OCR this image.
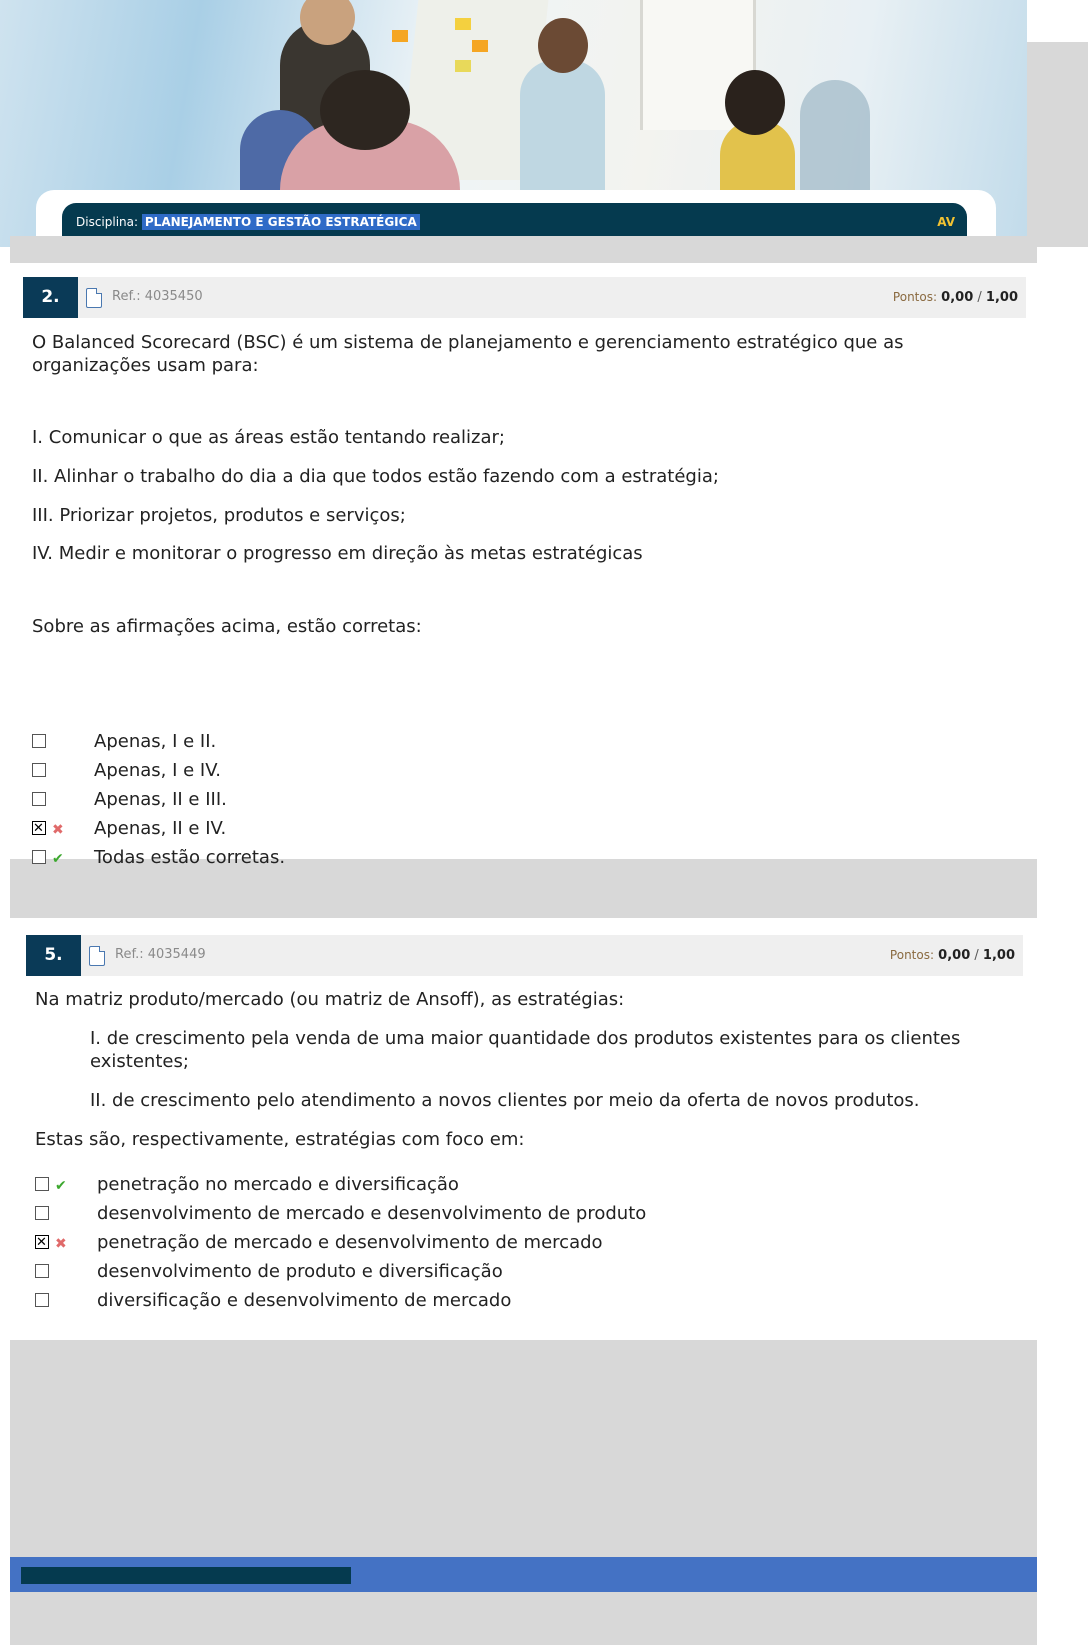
Disciplina: PLANEJAMENTO E GESTÃO ESTRATÉGICA	AV
2.	Ref.: 4035450	Pontos: 0,00 / 1,00
O Balanced Scorecard (BSC) é um sistema de planejamento e gerenciamento estratégico que as organizações usam para:
I. Comunicar o que as áreas estão tentando realizar;
II. Alinhar o trabalho do dia a dia que todos estão fazendo com a estratégia;
III. Priorizar projetos, produtos e serviços;
IV. Medir e monitorar o progresso em direção às metas estratégicas
Sobre as afirmações acima, estão corretas:
Apenas, I e II.
Apenas, I e IV.
Apenas, II e III.
✕
✖ Apenas, II e IV.
✔ Todas estão corretas.
5.	Ref.: 4035449	Pontos: 0,00 / 1,00
Na matriz produto/mercado (ou matriz de Ansoff), as estratégias:
I. de crescimento pela venda de uma maior quantidade dos produtos existentes para os clientes existentes;
II. de crescimento pelo atendimento a novos clientes por meio da oferta de novos produtos.
Estas são, respectivamente, estratégias com foco em:
✔ penetração no mercado e diversificação
desenvolvimento de mercado e desenvolvimento de produto
✕
✖ penetração de mercado e desenvolvimento de mercado
desenvolvimento de produto e diversificação
diversificação e desenvolvimento de mercado
